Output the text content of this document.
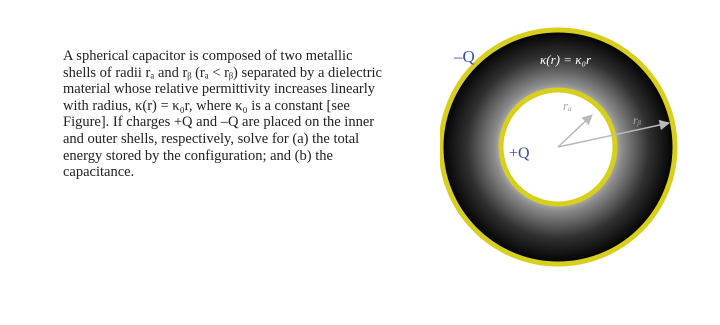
A spherical capacitor is composed of two metallic
shells of radii rₐ and rᵦ (rₐ < rᵦ) separated by a dielectric
material whose relative permittivity increases linearly
with radius, κ(r) = κ₀r, where κ₀ is a constant [see
Figure]. If charges +Q and –Q are placed on the inner
and outer shells, respectively, solve for (a) the total
energy stored by the configuration; and (b) the
capacitance.

–Q
+Q
κ(r) = κ₀r
rₐ
rᵦ
